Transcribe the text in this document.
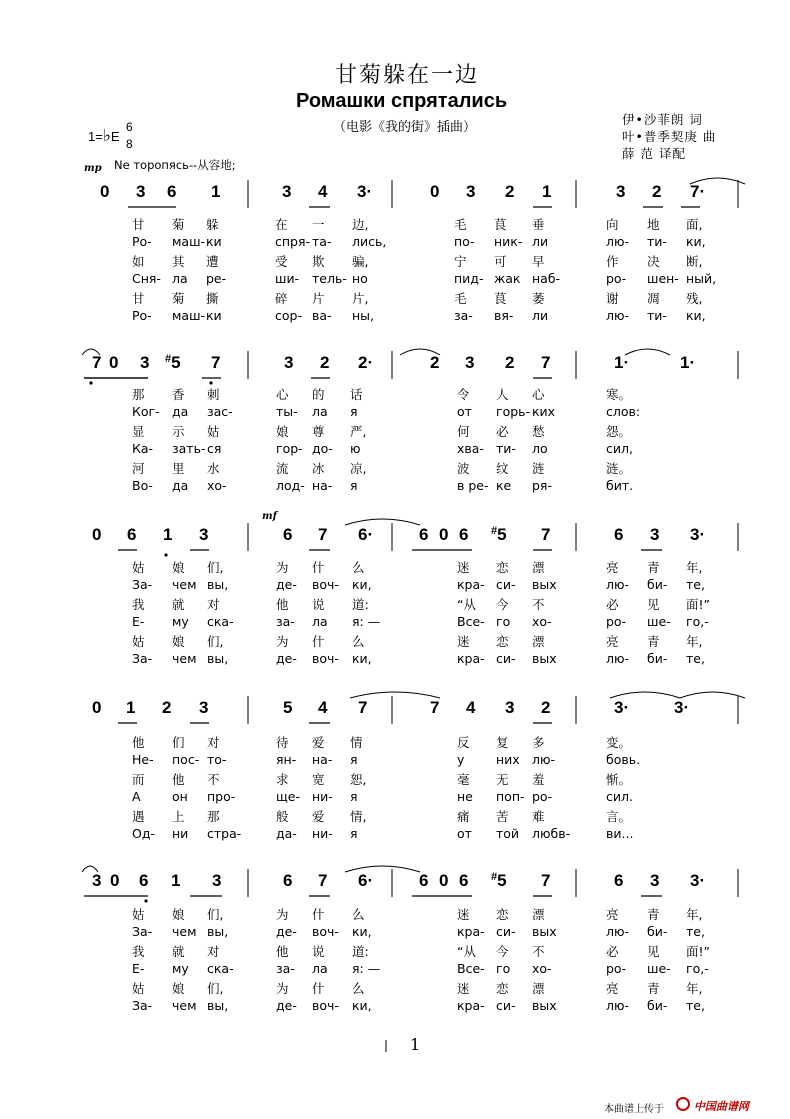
甘菊躲在一边
Ромашки спрятались
（电影《我的街》插曲）
伊•沙菲朗 词
叶•普季契庚 曲
薛 范 译配
1=♭E
6
8
mp Ne торопясь--从容地;
0 3 6 1	3 4 3·	0 3 2 1	3 2 7·
甘 菊 躲	在 一 边,	毛 茛 垂	向 地 面,
Ро- маш- ки	спря- та- лись,	по- ник- ли	лю- ти- ки,
如 其 遭	受 欺 骗,	宁 可 早	作 决 断,
Сня- ла ре-	ши- тель- но	пид- жак наб-	ро- шен- ный,
甘 菊 撕	碎 片 片,	毛 茛 萎	谢 凋 残,
Ро- маш- ки	сор- ва- ны,	за- вя- ли	лю- ти- ки,
7 0 3 #5 7	3 2 2·	2 3 2 7	1·	1·
那 香 刺	心 的 话	令 人 心	寒。
Ког- да зас-	ты- ла я	от горь- ких	слов:
显 示 姑	娘 尊 严,	何 必 愁	怨。
Ка- зать- ся	гор- до- ю	хва- ти- ло	сил,
河 里 水	流 冰 凉,	波 纹 涟	涟。
Во- да хо-	лод- на- я	в ре- ке ря-	бит.
mf
0 6 1 3	6 7 6·	6 0 6 #5 7	6 3 3·
姑 娘 们,	为 什 么	迷 恋 漂	亮 青 年,
За- чем вы,	де- воч- ки,	кра- си- вых	лю- би- те,
我 就 对	他 说 道:	“从 今 不	必 见 面!”
Е- му ска-	за- ла я: —	Все- го хо-	ро- ше- го,-
姑 娘 们,	为 什 么	迷 恋 漂	亮 青 年,
За- чем вы,	де- воч- ки,	кра- си- вых	лю- би- те,
0 1 2 3	5 4 7	7 4 3 2	3·	3·
他 们 对	待 爱 情	反 复 多	变。
Не- пос- то-	ян- на- я	у	них лю-	бовь.
而 他 不	求 宽 恕,	毫 无 羞	惭。
А	он про-	ще- ни- я	не поп- ро-	сил.
遇 上 那	般 爱 情,	痛 苦 难	言。
Од- ни стра-	да- ни- я	от той любв-	ви...
3 0 6 1 3	6 7 6·	6 0 6 #5 7	6 3 3·
姑 娘 们,	为 什 么	迷 恋 漂	亮 青 年,
За- чем вы,	де- воч- ки,	кра- си- вых	лю- би- те,
我 就 对	他 说 道:	“从 今 不	必 见 面!”
Е- му ска-	за- ла я: —	Все- го хо-	ро- ше- го,-
姑 娘 们,	为 什 么	迷 恋 漂	亮 青 年,
За- чем вы,	де- воч- ки,	кра- си- вых	лю- би- те,
1
本曲谱上传于	中国曲谱网
